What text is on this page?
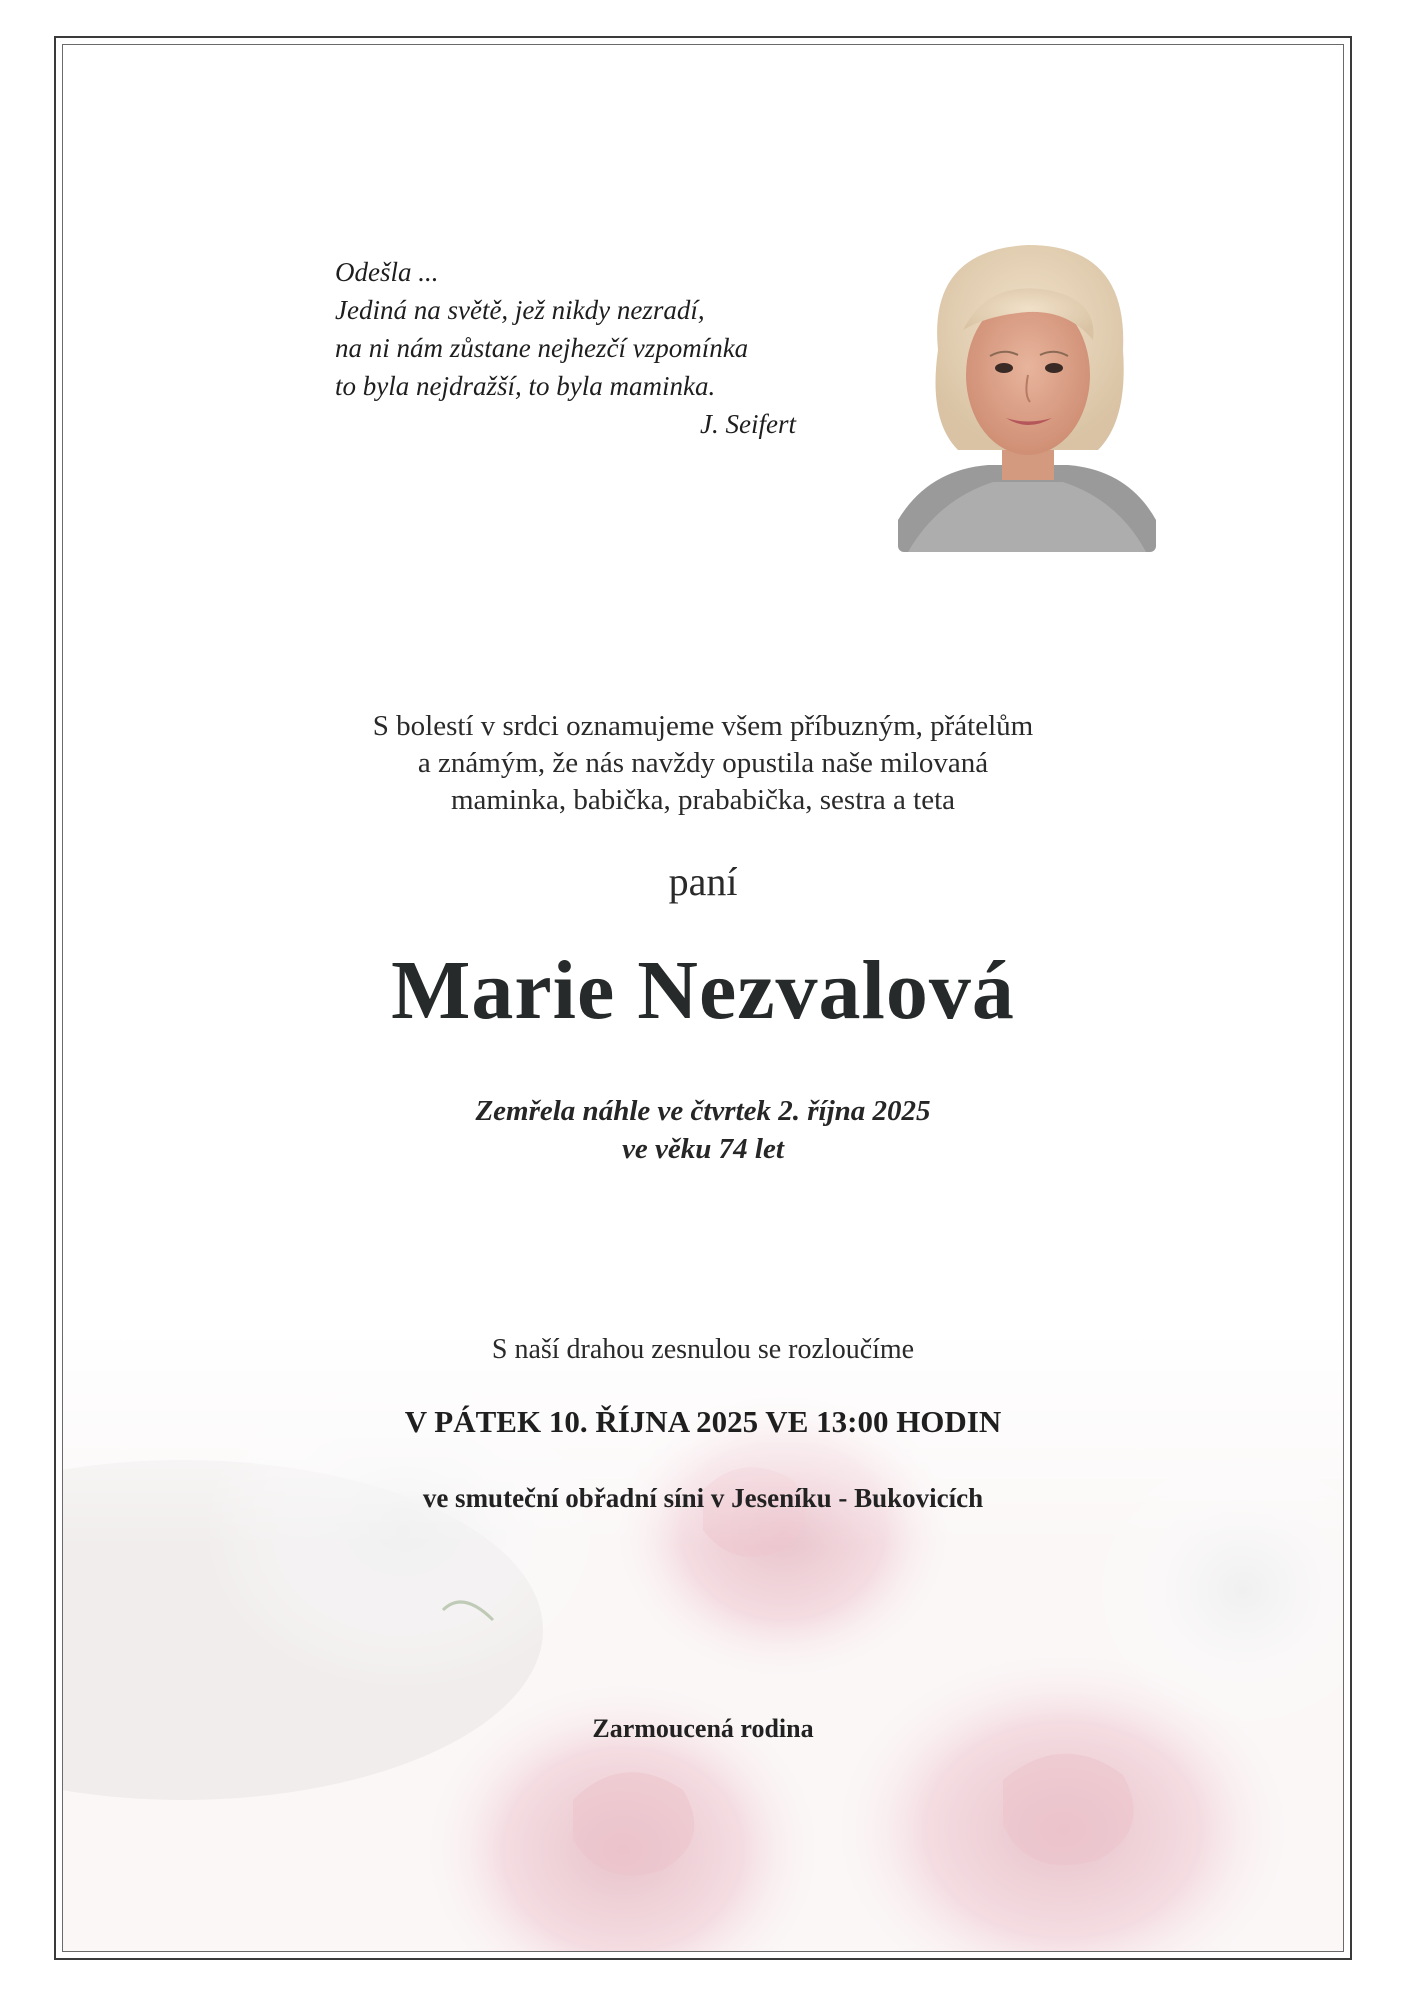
Odešla ...
Jediná na světě, jež nikdy nezradí,
na ni nám zůstane nejhezčí vzpomínka
to byla nejdražší, to byla maminka.
J. Seifert
S bolestí v srdci oznamujeme všem příbuzným, přátelům
a známým, že nás navždy opustila naše milovaná
maminka, babička, prababička, sestra a teta
paní
Marie Nezvalová
Zemřela náhle ve čtvrtek 2. října 2025
ve věku 74 let
S naší drahou zesnulou se rozloučíme
V PÁTEK 10. ŘÍJNA 2025 VE 13:00 HODIN
ve smuteční obřadní síni v Jeseníku - Bukovicích
Zarmoucená rodina
